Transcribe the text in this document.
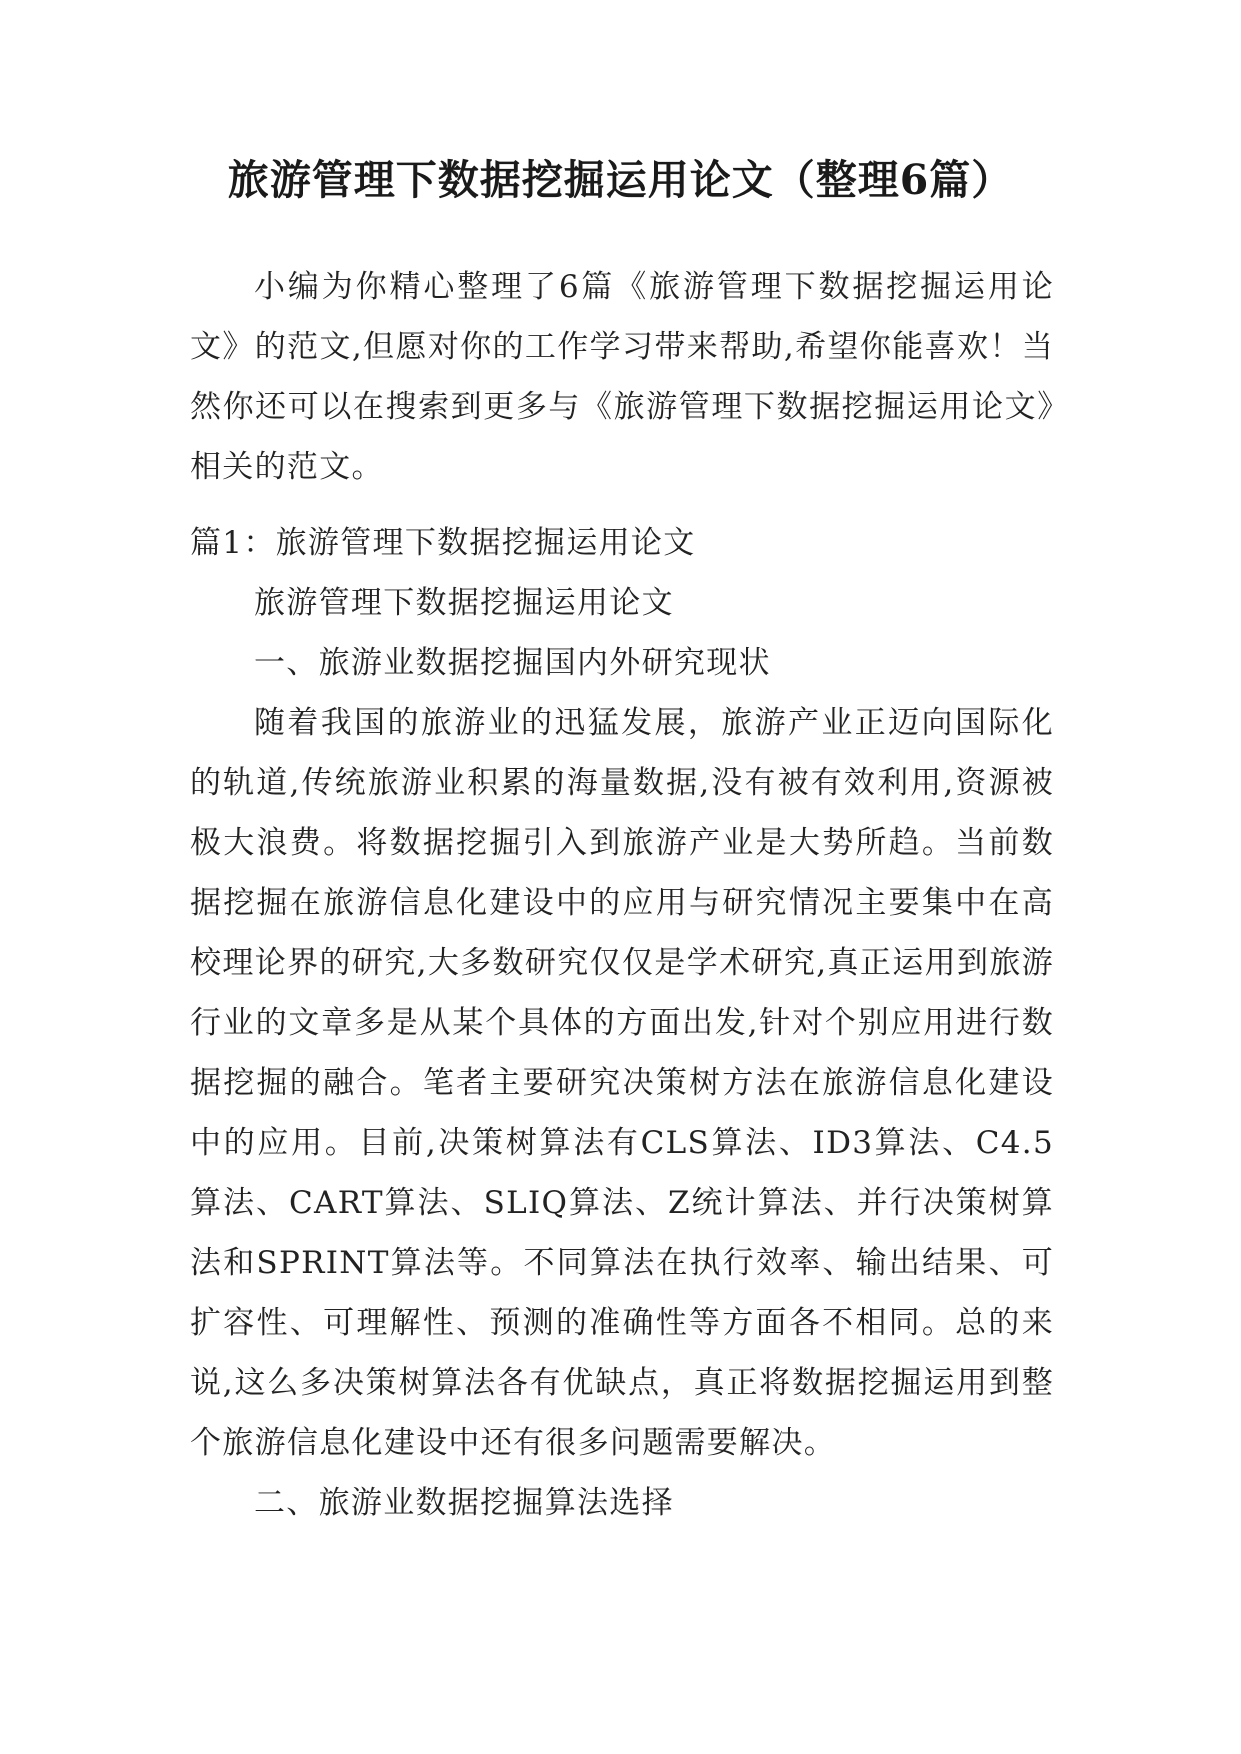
旅游管理下数据挖掘运用论文（整理6篇）

小编为你精心整理了6篇《旅游管理下数据挖掘运用论文》的范文,但愿对你的工作学习带来帮助,希望你能喜欢！当然你还可以在搜索到更多与《旅游管理下数据挖掘运用论文》相关的范文。

篇1：旅游管理下数据挖掘运用论文

旅游管理下数据挖掘运用论文

一、旅游业数据挖掘国内外研究现状

随着我国的旅游业的迅猛发展，旅游产业正迈向国际化的轨道,传统旅游业积累的海量数据,没有被有效利用,资源被极大浪费。将数据挖掘引入到旅游产业是大势所趋。当前数据挖掘在旅游信息化建设中的应用与研究情况主要集中在高校理论界的研究,大多数研究仅仅是学术研究,真正运用到旅游行业的文章多是从某个具体的方面出发,针对个别应用进行数据挖掘的融合。笔者主要研究决策树方法在旅游信息化建设中的应用。目前,决策树算法有CLS算法、ID3算法、C4.5算法、CART算法、SLIQ算法、Z统计算法、并行决策树算法和SPRINT算法等。不同算法在执行效率、输出结果、可扩容性、可理解性、预测的准确性等方面各不相同。总的来说,这么多决策树算法各有优缺点，真正将数据挖掘运用到整个旅游信息化建设中还有很多问题需要解决。

二、旅游业数据挖掘算法选择
